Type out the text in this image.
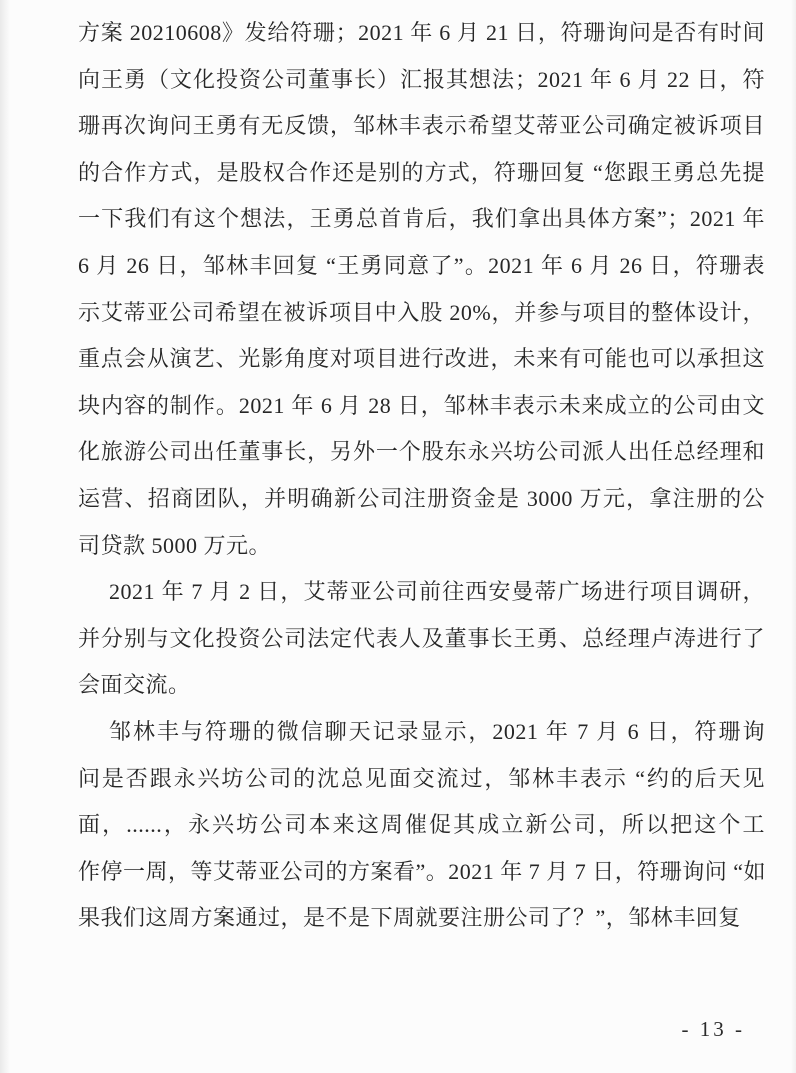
方案 20210608》发给符珊；2021 年 6 月 21 日，符珊询问是否有时间
向王勇（文化投资公司董事长）汇报其想法；2021 年 6 月 22 日，符
珊再次询问王勇有无反馈，邹林丰表示希望艾蒂亚公司确定被诉项目
的合作方式，是股权合作还是别的方式，符珊回复 “您跟王勇总先提
一下我们有这个想法，王勇总首肯后，我们拿出具体方案”；2021 年
6 月 26 日，邹林丰回复 “王勇同意了”。2021 年 6 月 26 日，符珊表
示艾蒂亚公司希望在被诉项目中入股 20%，并参与项目的整体设计，
重点会从演艺、光影角度对项目进行改进，未来有可能也可以承担这
块内容的制作。2021 年 6 月 28 日，邹林丰表示未来成立的公司由文
化旅游公司出任董事长，另外一个股东永兴坊公司派人出任总经理和
运营、招商团队，并明确新公司注册资金是 3000 万元，拿注册的公
司贷款 5000 万元。
2021 年 7 月 2 日，艾蒂亚公司前往西安曼蒂广场进行项目调研，
并分别与文化投资公司法定代表人及董事长王勇、总经理卢涛进行了
会面交流。
邹林丰与符珊的微信聊天记录显示，2021 年 7 月 6 日，符珊询
问是否跟永兴坊公司的沈总见面交流过，邹林丰表示 “约的后天见
面，......，永兴坊公司本来这周催促其成立新公司，所以把这个工
作停一周，等艾蒂亚公司的方案看”。2021 年 7 月 7 日，符珊询问 “如
果我们这周方案通过，是不是下周就要注册公司了？”，邹林丰回复
- 13 -
